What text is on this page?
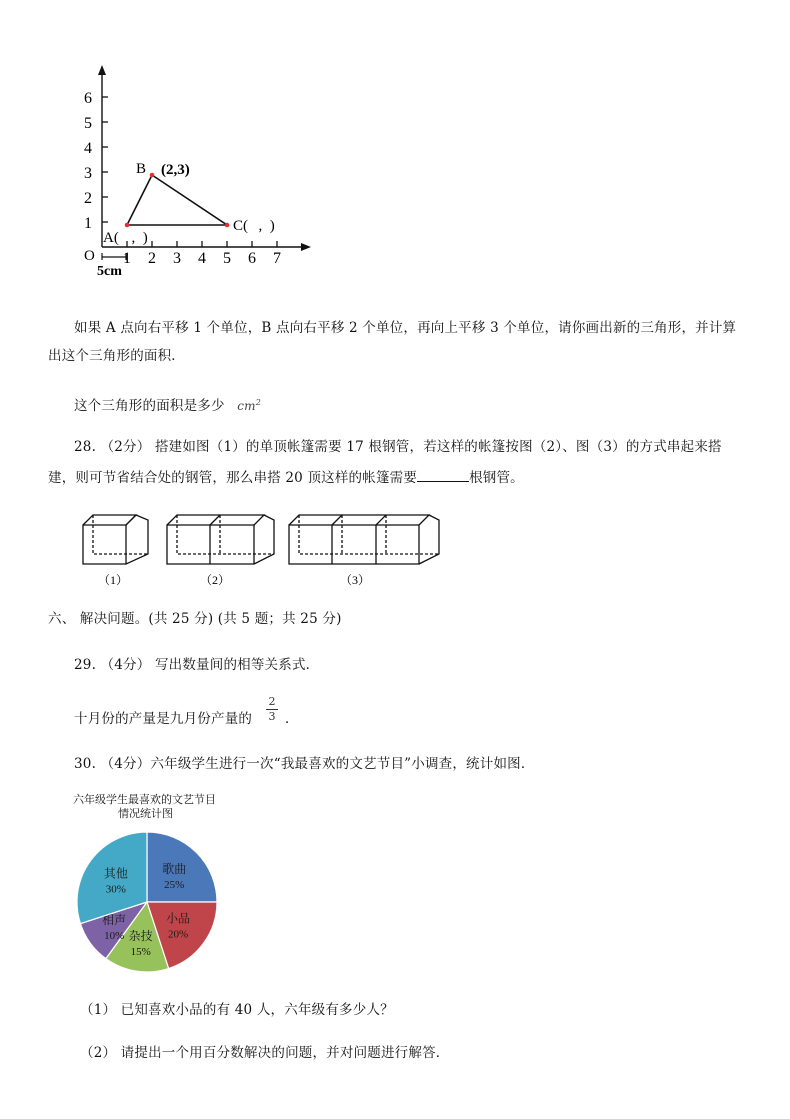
6
5
4
3
2
1
1 2 3 4 5 6 7
O
5cm
B (2,3)
A( ,  )
C( ,  )
如果 A 点向右平移 1 个单位，B 点向右平移 2 个单位，再向上平移 3 个单位，请你画出新的三角形，并计算
出这个三角形的面积．
这个三角形的面积是多少 $cm^2$
28. （2分） 搭建如图（1）的单顶帐篷需要 17 根钢管，若这样的帐篷按图（2）、图（3）的方式串起来搭
建，则可节省结合处的钢管，那么串搭 20 顶这样的帐篷需要	根钢管。
（1）	（2）	（3）
六、 解决问题。(共 25 分) (共 5 题；共 25 分)
29. （4分） 写出数量间的相等关系式．
十月份的产量是九月份产量的
2
3 ．
30. （4分）六年级学生进行一次“我最喜欢的文艺节目”小调查，统计如图．
六年级学生最喜欢的文艺节目
情况统计图
歌曲
25%
小品
20%
杂技
15%
相声
10%
其他
30%
（1） 已知喜欢小品的有 40 人，六年级有多少人？
（2） 请提出一个用百分数解决的问题，并对问题进行解答．
